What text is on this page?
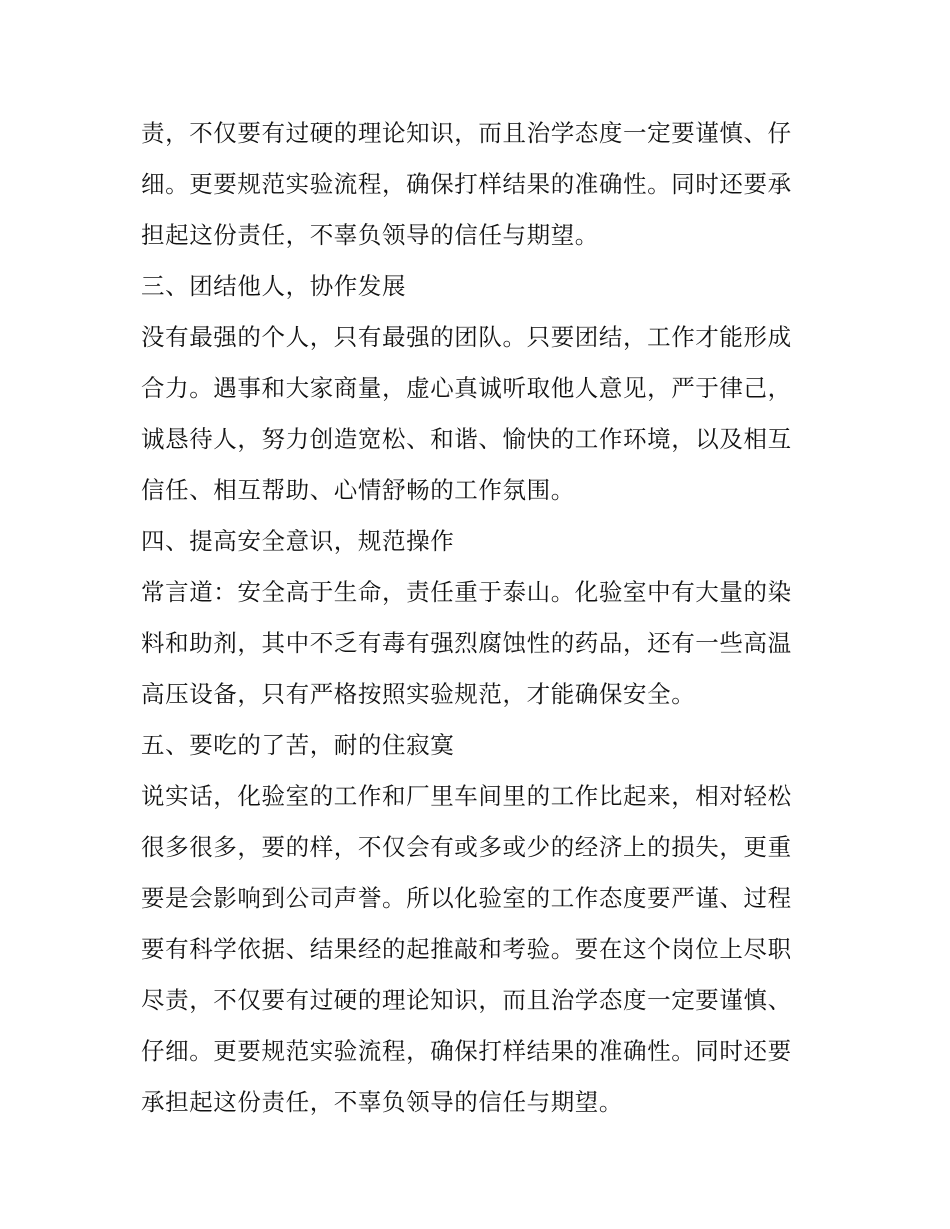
责，不仅要有过硬的理论知识，而且治学态度一定要谨慎、仔
细。更要规范实验流程，确保打样结果的准确性。同时还要承
担起这份责任，不辜负领导的信任与期望。
三、团结他人，协作发展
没有最强的个人，只有最强的团队。只要团结，工作才能形成
合力。遇事和大家商量，虚心真诚听取他人意见，严于律己，
诚恳待人，努力创造宽松、和谐、愉快的工作环境，以及相互
信任、相互帮助、心情舒畅的工作氛围。
四、提高安全意识，规范操作
常言道：安全高于生命，责任重于泰山。化验室中有大量的染
料和助剂，其中不乏有毒有强烈腐蚀性的药品，还有一些高温
高压设备，只有严格按照实验规范，才能确保安全。
五、要吃的了苦，耐的住寂寞
说实话，化验室的工作和厂里车间里的工作比起来，相对轻松
很多很多，要的样，不仅会有或多或少的经济上的损失，更重
要是会影响到公司声誉。所以化验室的工作态度要严谨、过程
要有科学依据、结果经的起推敲和考验。要在这个岗位上尽职
尽责，不仅要有过硬的理论知识，而且治学态度一定要谨慎、
仔细。更要规范实验流程，确保打样结果的准确性。同时还要
承担起这份责任，不辜负领导的信任与期望。
